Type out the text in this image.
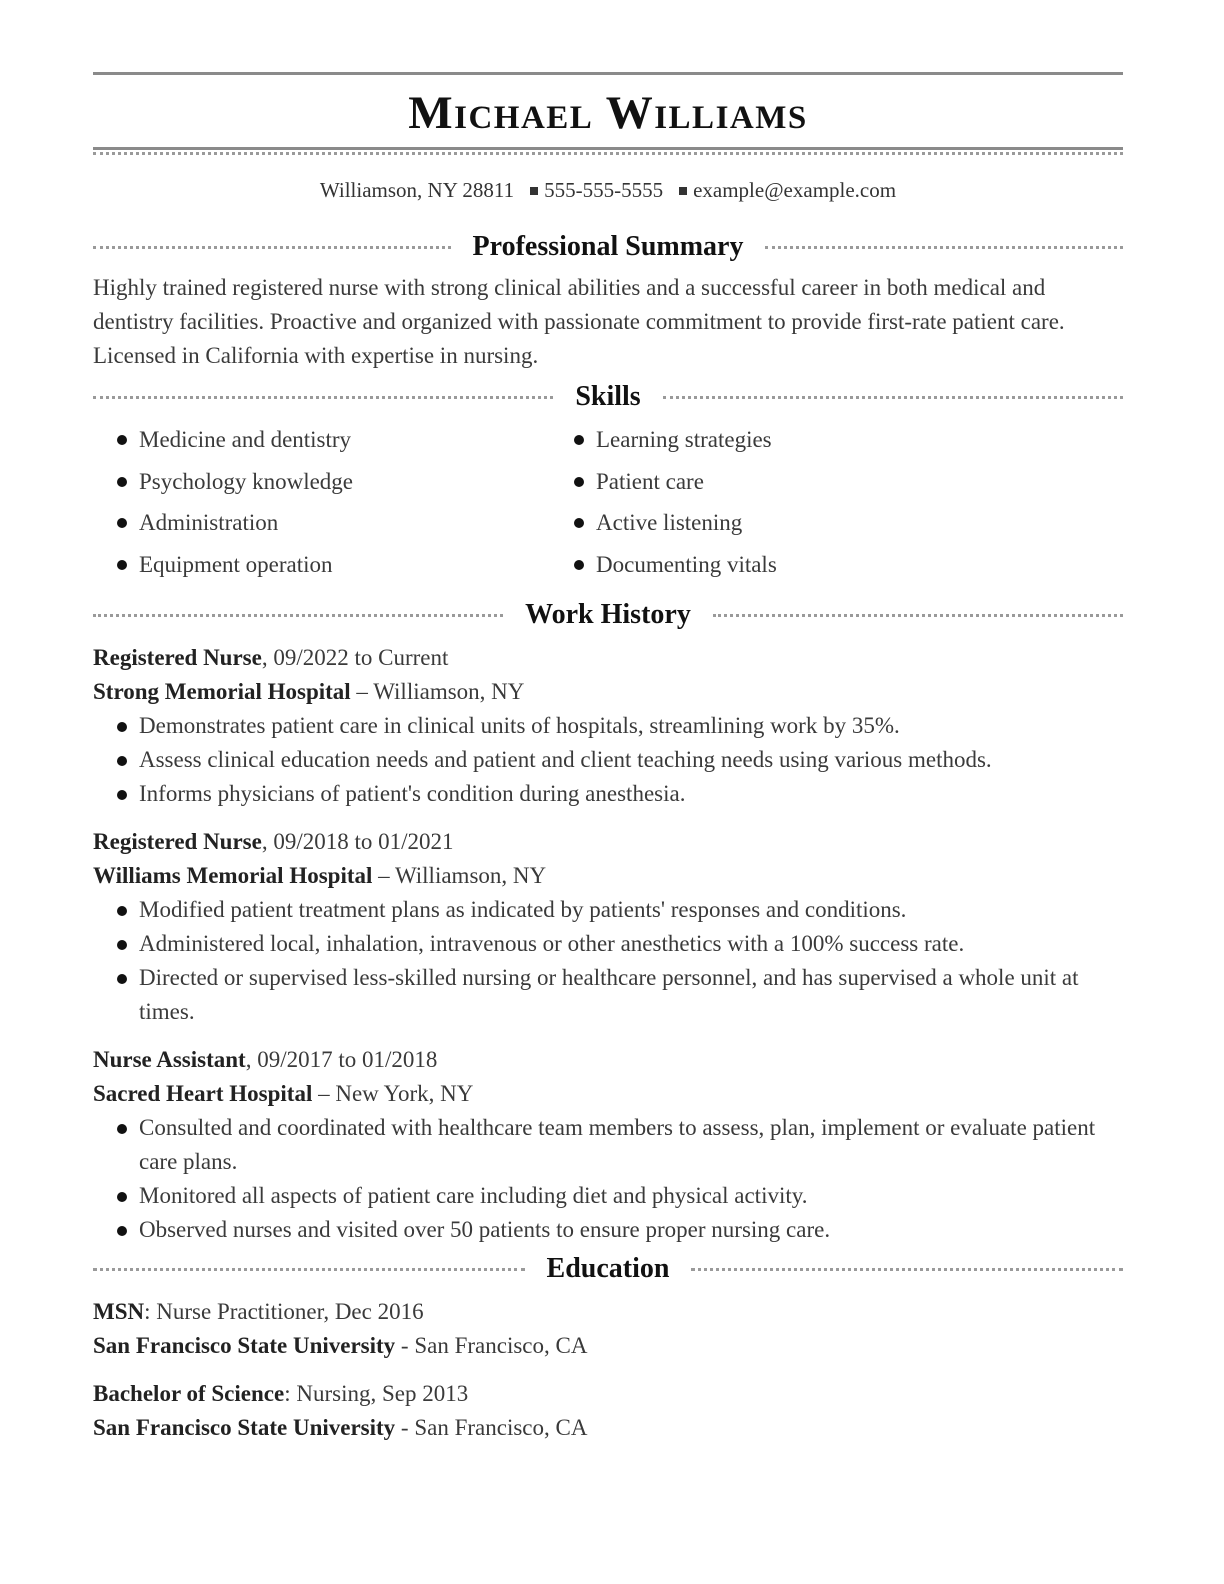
Michael Williams
Williamson, NY 28811 555-555-5555 example@example.com
Professional Summary
Highly trained registered nurse with strong clinical abilities and a successful career in both medical and dentistry facilities. Proactive and organized with passionate commitment to provide first-rate patient care. Licensed in California with expertise in nursing.
Skills
Medicine and dentistry
Psychology knowledge
Administration
Equipment operation
Learning strategies
Patient care
Active listening
Documenting vitals
Work History
Registered Nurse, 09/2022 to Current
Strong Memorial Hospital – Williamson, NY
Demonstrates patient care in clinical units of hospitals, streamlining work by 35%.
Assess clinical education needs and patient and client teaching needs using various methods.
Informs physicians of patient's condition during anesthesia.
Registered Nurse, 09/2018 to 01/2021
Williams Memorial Hospital – Williamson, NY
Modified patient treatment plans as indicated by patients' responses and conditions.
Administered local, inhalation, intravenous or other anesthetics with a 100% success rate.
Directed or supervised less-skilled nursing or healthcare personnel, and has supervised a whole unit at times.
Nurse Assistant, 09/2017 to 01/2018
Sacred Heart Hospital – New York, NY
Consulted and coordinated with healthcare team members to assess, plan, implement or evaluate patient care plans.
Monitored all aspects of patient care including diet and physical activity.
Observed nurses and visited over 50 patients to ensure proper nursing care.
Education
MSN: Nurse Practitioner, Dec 2016
San Francisco State University - San Francisco, CA
Bachelor of Science: Nursing, Sep 2013
San Francisco State University - San Francisco, CA
